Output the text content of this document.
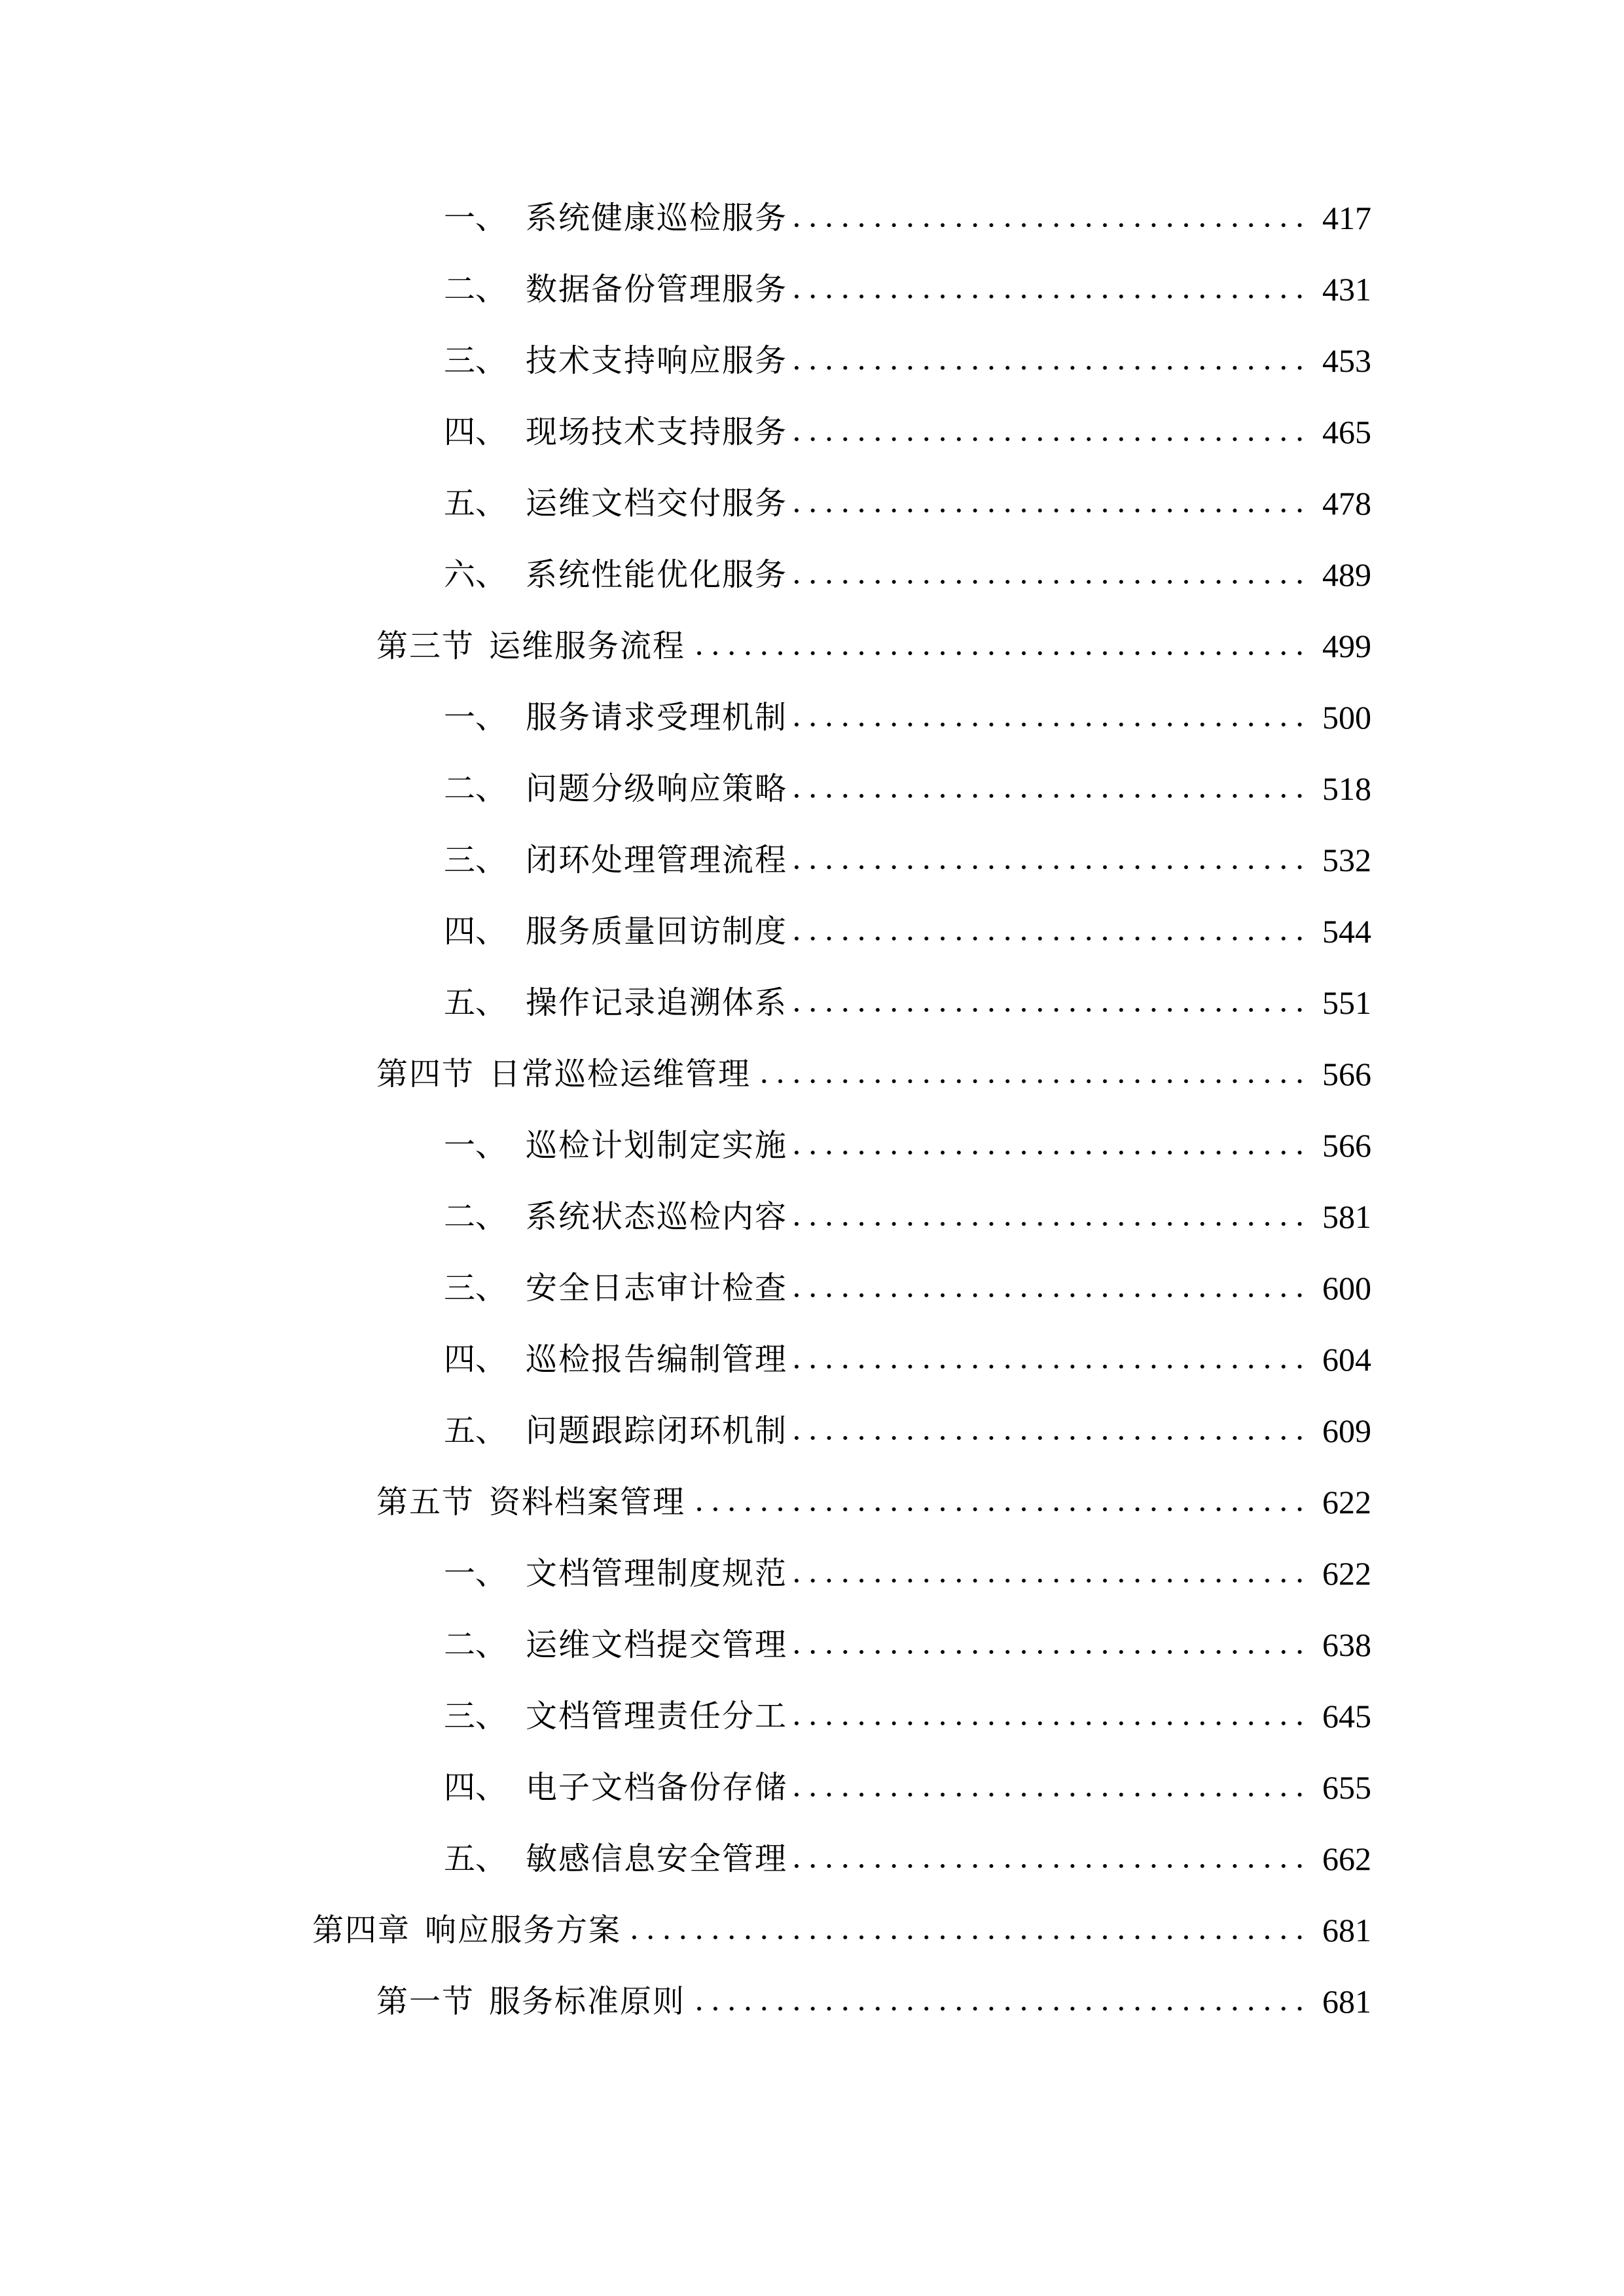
一、 系统健康巡检服务	417
二、 数据备份管理服务	431
三、 技术支持响应服务	453
四、 现场技术支持服务	465
五、 运维文档交付服务	478
六、 系统性能优化服务	489
第三节 运维服务流程	499
一、 服务请求受理机制	500
二、 问题分级响应策略	518
三、 闭环处理管理流程	532
四、 服务质量回访制度	544
五、 操作记录追溯体系	551
第四节 日常巡检运维管理	566
一、 巡检计划制定实施	566
二、 系统状态巡检内容	581
三、 安全日志审计检查	600
四、 巡检报告编制管理	604
五、 问题跟踪闭环机制	609
第五节 资料档案管理	622
一、 文档管理制度规范	622
二、 运维文档提交管理	638
三、 文档管理责任分工	645
四、 电子文档备份存储	655
五、 敏感信息安全管理	662
第四章 响应服务方案	681
第一节 服务标准原则	681
